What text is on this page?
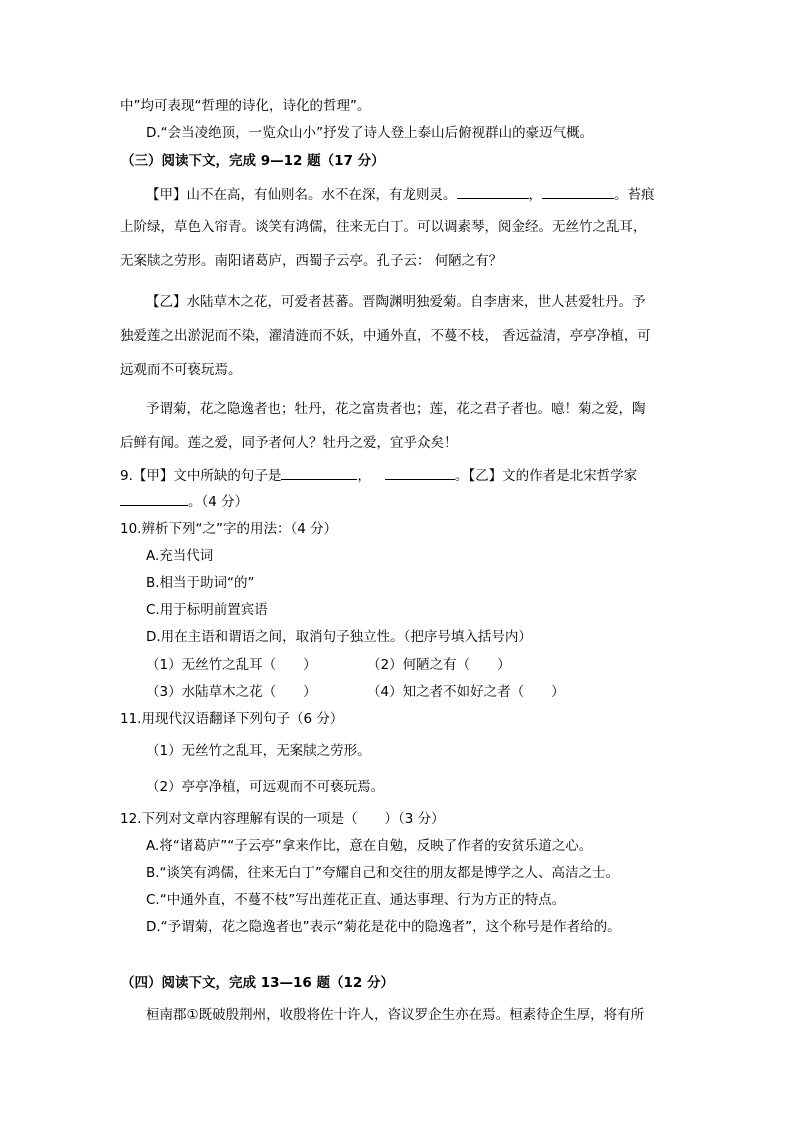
中”均可表现“哲理的诗化，诗化的哲理”。
D.“会当凌绝顶，一览众山小”抒发了诗人登上泰山后俯视群山的豪迈气概。
（三）阅读下文，完成 9—12 题（17 分）
【甲】山不在高，有仙则名。水不在深，有龙则灵。	，	。苔痕
上阶绿，草色入帘青。谈笑有鸿儒，往来无白丁。可以调素琴，阅金经。无丝竹之乱耳，
无案牍之劳形。南阳诸葛庐，西蜀子云亭。孔子云： 何陋之有？
【乙】水陆草木之花，可爱者甚蕃。晋陶渊明独爱菊。自李唐来，世人甚爱牡丹。予
独爱莲之出淤泥而不染，濯清涟而不妖，中通外直，不蔓不枝， 香远益清，亭亭净植，可
远观而不可亵玩焉。
予谓菊，花之隐逸者也；牡丹，花之富贵者也；莲，花之君子者也。噫！菊之爱，陶
后鲜有闻。莲之爱，同予者何人？牡丹之爱，宜乎众矣！
9.【甲】文中所缺的句子是	，	。【乙】文的作者是北宋哲学家
。（4 分）
10.辨析下列“之”字的用法：（4 分）
A.充当代词
B.相当于助词“的”
C.用于标明前置宾语
D.用在主语和谓语之间，取消句子独立性。（把序号填入括号内）
（1）无丝竹之乱耳（　　）	（2）何陋之有（　　）
（3）水陆草木之花（　　）	（4）知之者不如好之者（　　）
11.用现代汉语翻译下列句子（6 分）
（1）无丝竹之乱耳，无案牍之劳形。
（2）亭亭净植，可远观而不可亵玩焉。
12.下列对文章内容理解有误的一项是（　　）（3 分）
A.将“诸葛庐”“子云亭”拿来作比，意在自勉，反映了作者的安贫乐道之心。
B.“谈笑有鸿儒，往来无白丁”夸耀自己和交往的朋友都是博学之人、高洁之士。
C.“中通外直，不蔓不枝”写出莲花正直、通达事理、行为方正的特点。
D.“予谓菊，花之隐逸者也”表示“菊花是花中的隐逸者”，这个称号是作者给的。
（四）阅读下文，完成 13—16 题（12 分）
桓南郡①既破殷荆州，收殷将佐十许人，咨议罗企生亦在焉。桓素待企生厚，将有所
